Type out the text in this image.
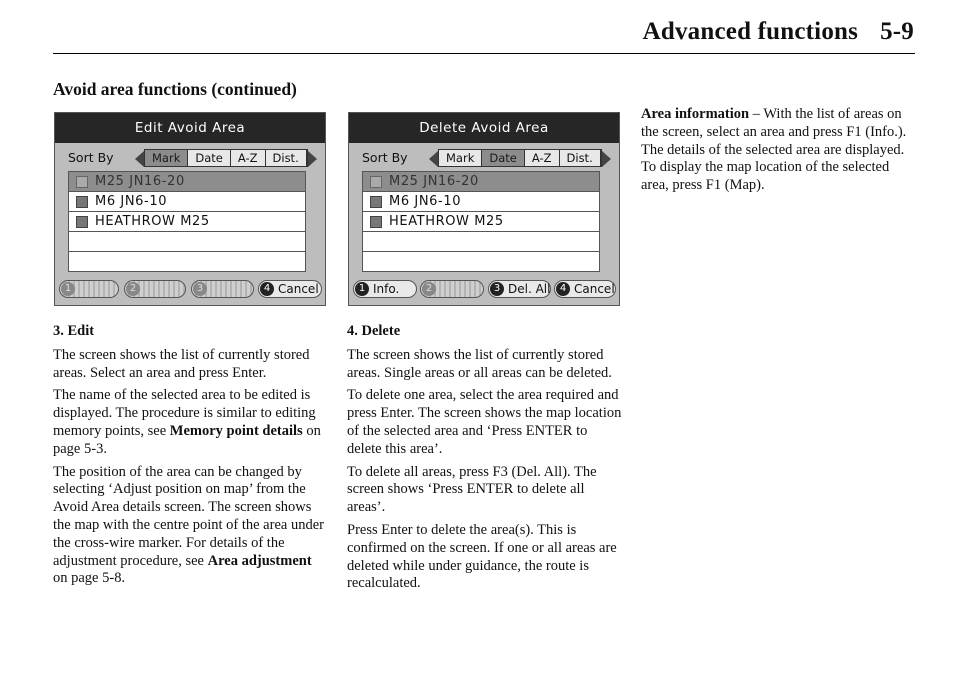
Advanced functions 5-9
Avoid area functions (continued)
Edit Avoid Area
Sort By	Mark	Date	A-Z	Dist.
M25 JN16-20
M6 JN6-10
HEATHROW M25
1	2	3	4 Cancel
Delete Avoid Area
Sort By	Mark	Date	A-Z	Dist.
M25 JN16-20
M6 JN6-10
HEATHROW M25
1 Info.	2	3 Del. All 4 Cancel

3. Edit

The screen shows the list of currently stored areas. Select an area and press Enter.

The name of the selected area to be edited is displayed. The procedure is similar to editing memory points, see Memory point details on page 5-3.

The position of the area can be changed by selecting ‘Adjust position on map’ from the Avoid Area details screen. The screen shows the map with the centre point of the area under the cross-wire marker. For details of the adjustment procedure, see Area adjustment on page 5-8.

4. Delete

The screen shows the list of currently stored areas. Single areas or all areas can be deleted.

To delete one area, select the area required and press Enter. The screen shows the map location of the selected area and ‘Press ENTER to delete this area’.

To delete all areas, press F3 (Del. All). The screen shows ‘Press ENTER to delete all areas’.

Press Enter to delete the area(s). This is confirmed on the screen. If one or all areas are deleted while under guidance, the route is recalculated.

Area information – With the list of areas on the screen, select an area and press F1 (Info.). The details of the selected area are displayed. To display the map location of the selected area, press F1 (Map).
